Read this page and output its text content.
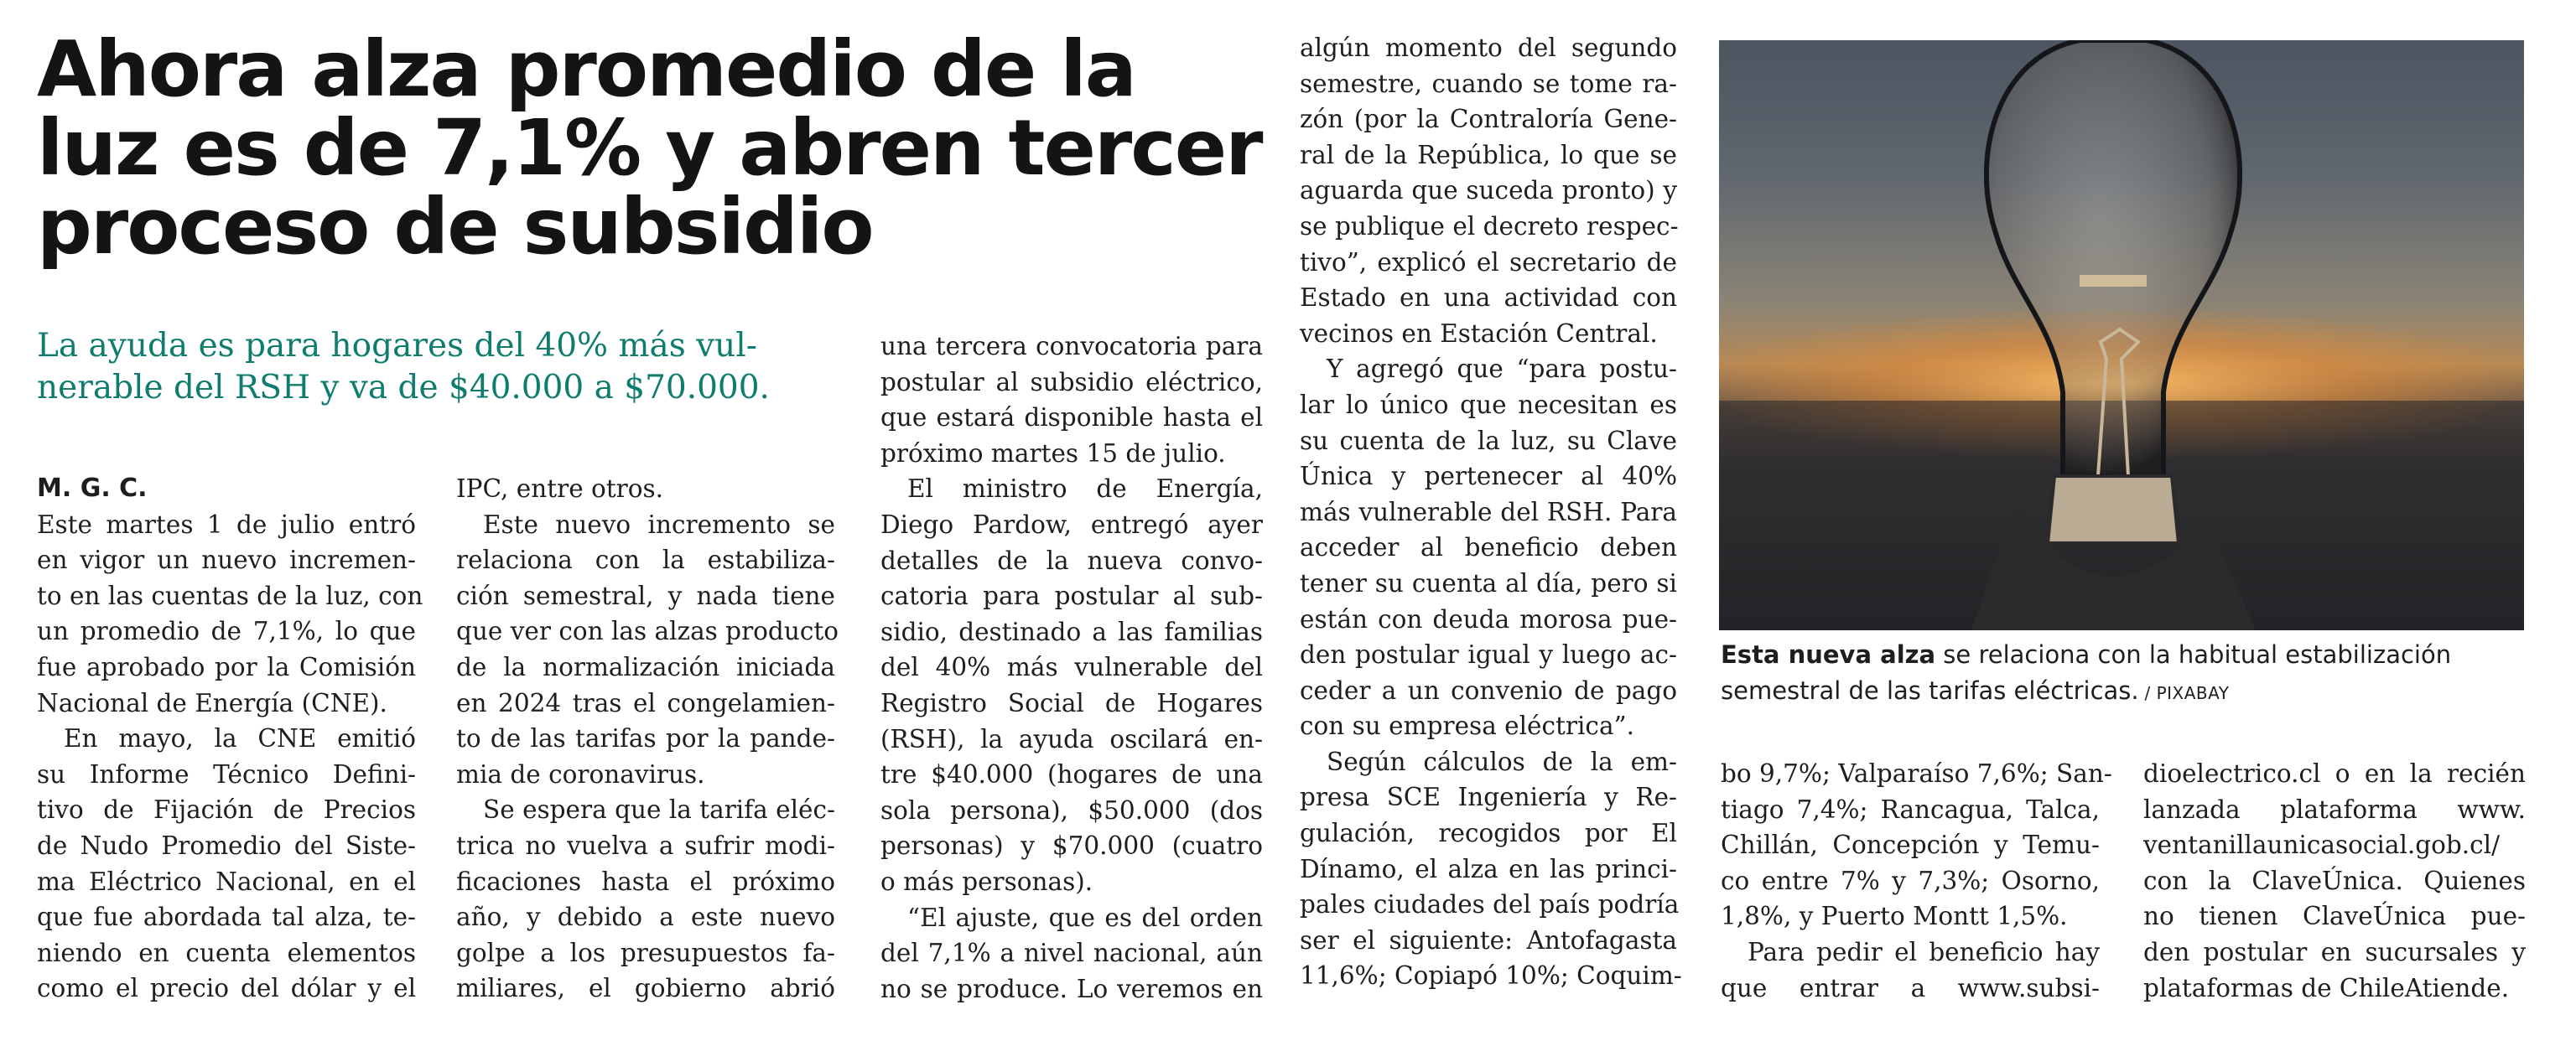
Ahora alza promedio de la
luz es de 7,1% y abren tercer
proceso de subsidio

La ayuda es para hogares del 40% más vul-
nerable del RSH y va de $40.000 a $70.000.

M. G. C.
Este martes 1 de julio entró
en vigor un nuevo incremen-
to en las cuentas de la luz, con
un promedio de 7,1%, lo que
fue aprobado por la Comisión
Nacional de Energía (CNE).
En mayo, la CNE emitió
su Informe Técnico Defini-
tivo de Fijación de Precios
de Nudo Promedio del Siste-
ma Eléctrico Nacional, en el
que fue abordada tal alza, te-
niendo en cuenta elementos
como el precio del dólar y el
IPC, entre otros.
Este nuevo incremento se
relaciona con la estabiliza-
ción semestral, y nada tiene
que ver con las alzas producto
de la normalización iniciada
en 2024 tras el congelamien-
to de las tarifas por la pande-
mia de coronavirus.
Se espera que la tarifa eléc-
trica no vuelva a sufrir modi-
ficaciones hasta el próximo
año, y debido a este nuevo
golpe a los presupuestos fa-
miliares, el gobierno abrió
una tercera convocatoria para
postular al subsidio eléctrico,
que estará disponible hasta el
próximo martes 15 de julio.
El ministro de Energía,
Diego Pardow, entregó ayer
detalles de la nueva convo-
catoria para postular al sub-
sidio, destinado a las familias
del 40% más vulnerable del
Registro Social de Hogares
(RSH), la ayuda oscilará en-
tre $40.000 (hogares de una
sola persona), $50.000 (dos
personas) y $70.000 (cuatro
o más personas).
“El ajuste, que es del orden
del 7,1% a nivel nacional, aún
no se produce. Lo veremos en
algún momento del segundo
semestre, cuando se tome ra-
zón (por la Contraloría Gene-
ral de la República, lo que se
aguarda que suceda pronto) y
se publique el decreto respec-
tivo”, explicó el secretario de
Estado en una actividad con
vecinos en Estación Central.
Y agregó que “para postu-
lar lo único que necesitan es
su cuenta de la luz, su Clave
Única y pertenecer al 40%
más vulnerable del RSH. Para
acceder al beneficio deben
tener su cuenta al día, pero si
están con deuda morosa pue-
den postular igual y luego ac-
ceder a un convenio de pago
con su empresa eléctrica”.
Según cálculos de la em-
presa SCE Ingeniería y Re-
gulación, recogidos por El
Dínamo, el alza en las princi-
pales ciudades del país podría
ser el siguiente: Antofagasta
11,6%; Copiapó 10%; Coquim-
Esta nueva alza se relaciona con la habitual estabilización
semestral de las tarifas eléctricas. / PIXABAY
bo 9,7%; Valparaíso 7,6%; San-
tiago 7,4%; Rancagua, Talca,
Chillán, Concepción y Temu-
co entre 7% y 7,3%; Osorno,
1,8%, y Puerto Montt 1,5%.
Para pedir el beneficio hay
que entrar a www.subsi-
dioelectrico.cl o en la recién
lanzada plataforma www.
ventanillaunicasocial.gob.cl/
con la ClaveÚnica. Quienes
no tienen ClaveÚnica pue-
den postular en sucursales y
plataformas de ChileAtiende.
